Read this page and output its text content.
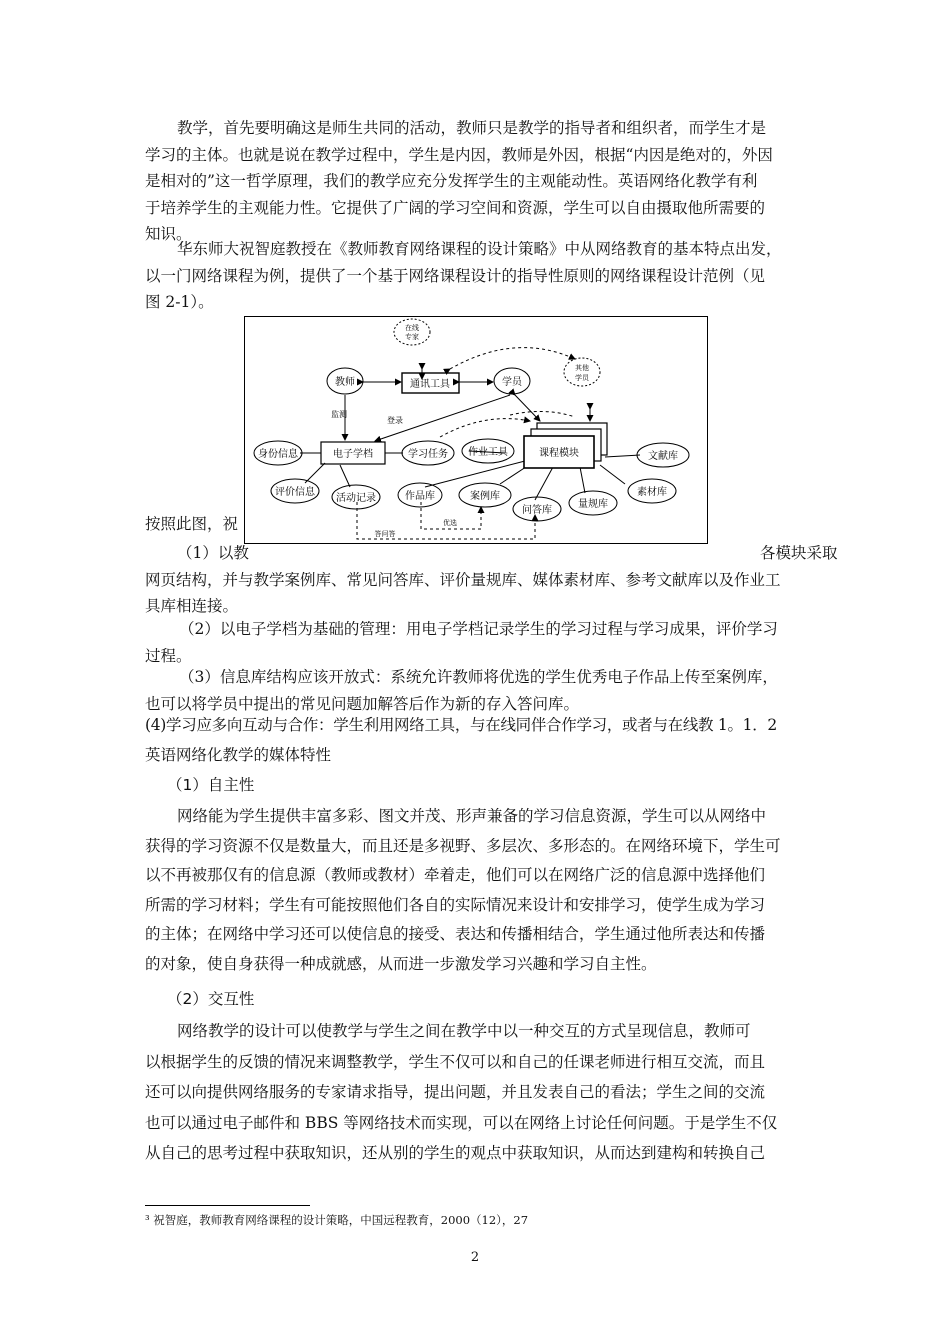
教学，首先要明确这是师生共同的活动，教师只是教学的指导者和组织者，而学生才是
学习的主体。也就是说在教学过程中，学生是内因，教师是外因，根据“内因是绝对的，外因
是相对的”这一哲学原理，我们的教学应充分发挥学生的主观能动性。英语网络化教学有利
于培养学生的主观能力性。它提供了广阔的学习空间和资源，学生可以自由摄取他所需要的
知识。
华东师大祝智庭教授在《教师教育网络课程的设计策略》中从网络教育的基本特点出发，
以一门网络课程为例，提供了一个基于网络课程设计的指导性原则的网络课程设计范例（见
图 2-1）。
按照此图，祝
（1）以教	各模块采取
网页结构，并与教学案例库、常见问答库、评价量规库、媒体素材库、参考文献库以及作业工
具库相连接。
（2）以电子学档为基础的管理：用电子学档记录学生的学习过程与学习成果，评价学习
过程。
（3）信息库结构应该开放式：系统允许教师将优选的学生优秀电子作品上传至案例库，
也可以将学员中提出的常见问题加解答后作为新的存入答问库。
(4)学习应多向互动与合作：学生利用网络工具，与在线同伴合作学习，或者与在线教 1。1．2
英语网络化教学的媒体特性
（1）自主性
网络能为学生提供丰富多彩、图文并茂、形声兼备的学习信息资源，学生可以从网络中
获得的学习资源不仅是数量大，而且还是多视野、多层次、多形态的。在网络环境下，学生可
以不再被那仅有的信息源（教师或教材）牵着走，他们可以在网络广泛的信息源中选择他们
所需的学习材料；学生有可能按照他们各自的实际情况来设计和安排学习，使学生成为学习
的主体；在网络中学习还可以使信息的接受、表达和传播相结合，学生通过他所表达和传播
的对象，使自身获得一种成就感，从而进一步激发学习兴趣和学习自主性。
（2）交互性
网络教学的设计可以使教学与学生之间在教学中以一种交互的方式呈现信息，教师可
以根据学生的反馈的情况来调整教学，学生不仅可以和自己的任课老师进行相互交流，而且
还可以向提供网络服务的专家请求指导，提出问题，并且发表自己的看法；学生之间的交流
也可以通过电子邮件和 BBS 等网络技术而实现，可以在网络上讨论任何问题。于是学生不仅
从自己的思考过程中获取知识，还从别的学生的观点中获取知识，从而达到建构和转换自己
在线
专家
教师	通讯工具	学员
其他
学员
监测
登录
身份信息	电子学档	学习任务 作业工具	课程模块	文献库
评价信息
活动记录	作品库	案例库
问答库
量规库
素材库
优选
答问答
³ 祝智庭，教师教育网络课程的设计策略，中国远程教育，2000（12），27
2
